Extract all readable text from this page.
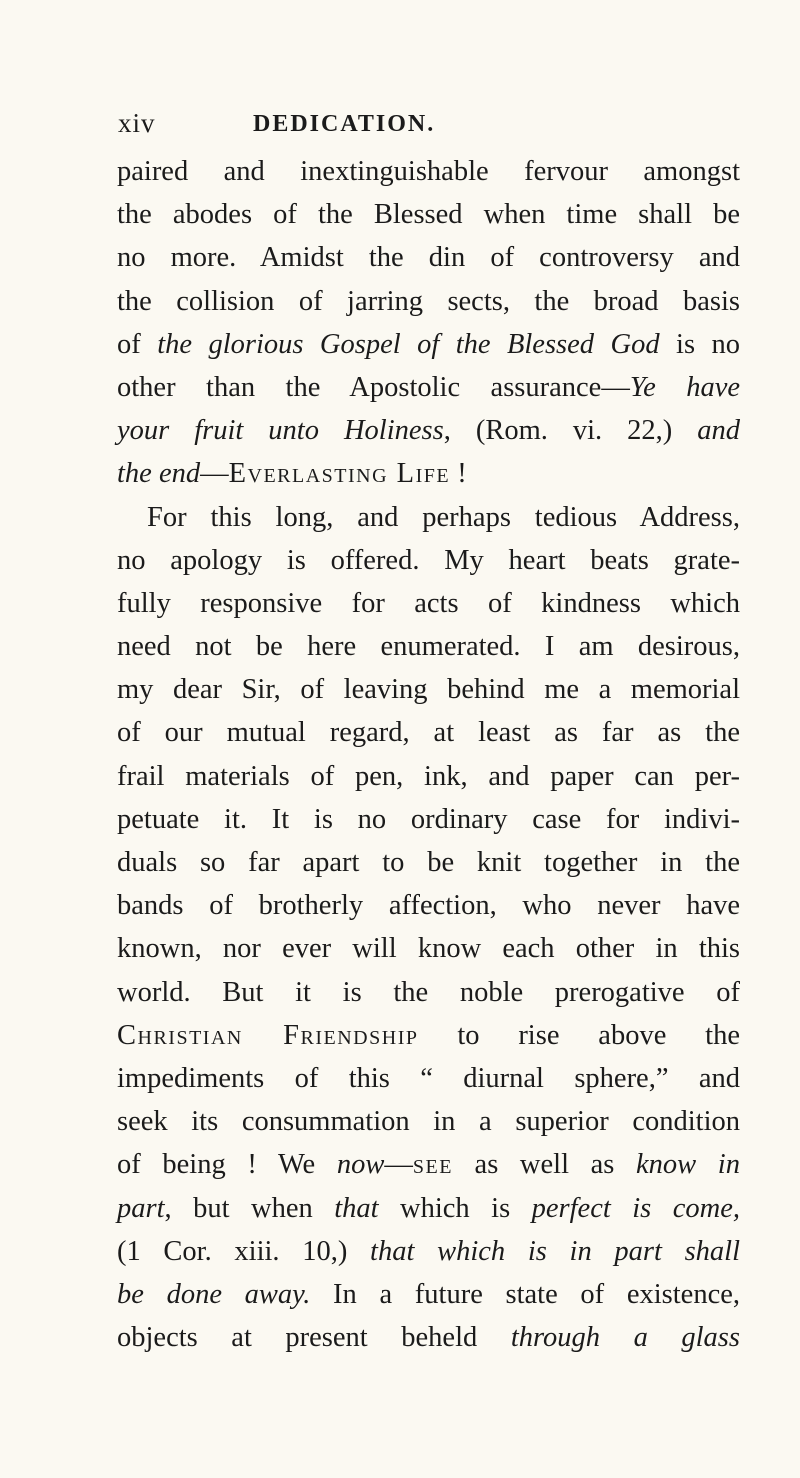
xiv	DEDICATION.
paired and inextinguishable fervour amongst
the abodes of the Blessed when time shall be
no more. Amidst the din of controversy and
the collision of jarring sects, the broad basis
of the glorious Gospel of the Blessed God is no
other than the Apostolic assurance—Ye have
your fruit unto Holiness, (Rom. vi. 22,) and
the end—Everlasting Life !
For this long, and perhaps tedious Address,
no apology is offered. My heart beats grate-
fully responsive for acts of kindness which
need not be here enumerated. I am desirous,
my dear Sir, of leaving behind me a memorial
of our mutual regard, at least as far as the
frail materials of pen, ink, and paper can per-
petuate it. It is no ordinary case for indivi-
duals so far apart to be knit together in the
bands of brotherly affection, who never have
known, nor ever will know each other in this
world. But it is the noble prerogative of
Christian Friendship to rise above the
impediments of this “ diurnal sphere,” and
seek its consummation in a superior condition
of being ! We now—see as well as know in
part, but when that which is perfect is come,
(1 Cor. xiii. 10,) that which is in part shall
be done away. In a future state of existence,
objects at present beheld through a glass
